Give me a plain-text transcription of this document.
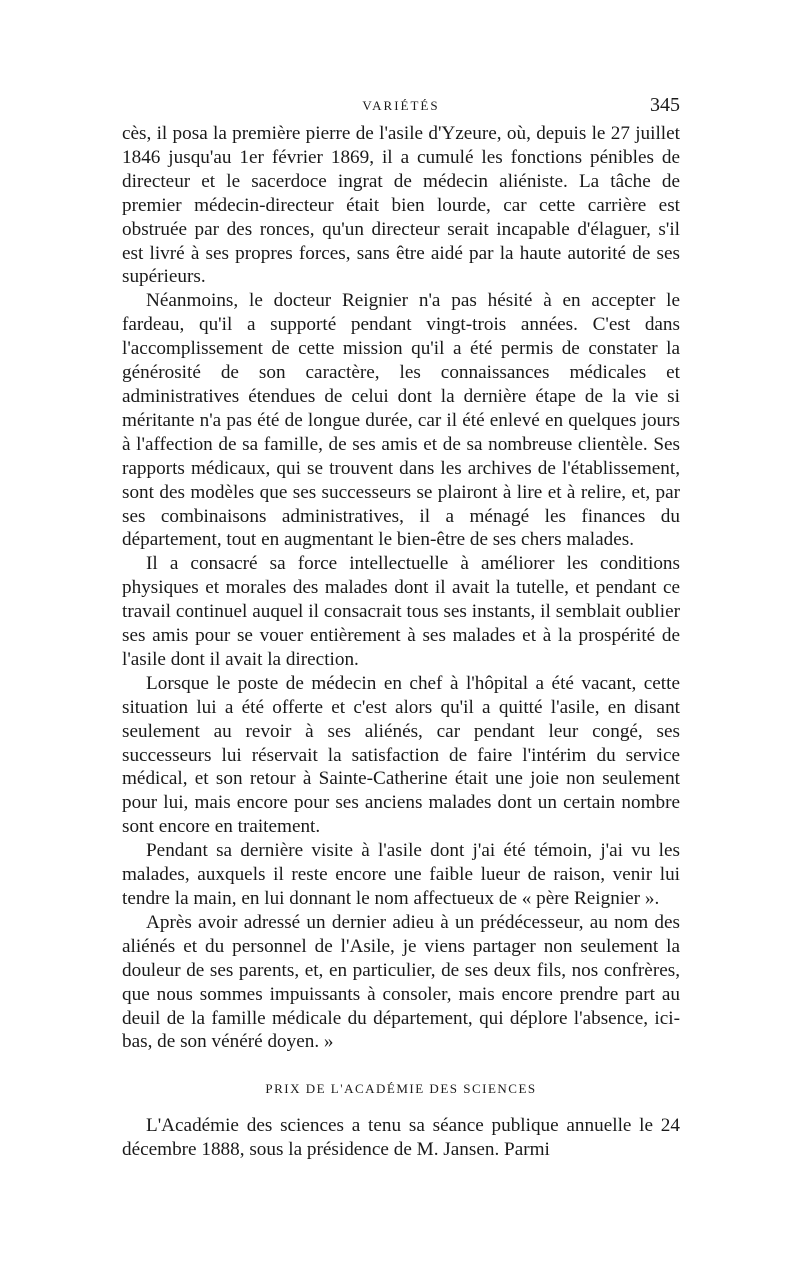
VARIÉTÉS	345

cès, il posa la première pierre de l'asile d'Yzeure, où, depuis le 27 juillet 1846 jusqu'au 1er février 1869, il a cumulé les fonctions pénibles de directeur et le sacerdoce ingrat de médecin aliéniste. La tâche de premier médecin-directeur était bien lourde, car cette carrière est obstruée par des ronces, qu'un directeur serait incapable d'élaguer, s'il est livré à ses propres forces, sans être aidé par la haute autorité de ses supérieurs.

Néanmoins, le docteur Reignier n'a pas hésité à en accepter le fardeau, qu'il a supporté pendant vingt-trois années. C'est dans l'accomplissement de cette mission qu'il a été permis de constater la générosité de son caractère, les connaissances médicales et administratives étendues de celui dont la dernière étape de la vie si méritante n'a pas été de longue durée, car il été enlevé en quelques jours à l'affection de sa famille, de ses amis et de sa nombreuse clientèle. Ses rapports médicaux, qui se trouvent dans les archives de l'établissement, sont des modèles que ses successeurs se plairont à lire et à relire, et, par ses combinaisons administratives, il a ménagé les finances du département, tout en augmentant le bien-être de ses chers malades.

Il a consacré sa force intellectuelle à améliorer les conditions physiques et morales des malades dont il avait la tutelle, et pendant ce travail continuel auquel il consacrait tous ses instants, il semblait oublier ses amis pour se vouer entièrement à ses malades et à la prospérité de l'asile dont il avait la direction.

Lorsque le poste de médecin en chef à l'hôpital a été vacant, cette situation lui a été offerte et c'est alors qu'il a quitté l'asile, en disant seulement au revoir à ses aliénés, car pendant leur congé, ses successeurs lui réservait la satisfaction de faire l'intérim du service médical, et son retour à Sainte-Catherine était une joie non seulement pour lui, mais encore pour ses anciens malades dont un certain nombre sont encore en traitement.

Pendant sa dernière visite à l'asile dont j'ai été témoin, j'ai vu les malades, auxquels il reste encore une faible lueur de raison, venir lui tendre la main, en lui donnant le nom affectueux de « père Reignier ».

Après avoir adressé un dernier adieu à un prédécesseur, au nom des aliénés et du personnel de l'Asile, je viens partager non seulement la douleur de ses parents, et, en particulier, de ses deux fils, nos confrères, que nous sommes impuissants à consoler, mais encore prendre part au deuil de la famille médicale du département, qui déplore l'absence, ici-bas, de son vénéré doyen. »

PRIX DE L'ACADÉMIE DES SCIENCES

L'Académie des sciences a tenu sa séance publique annuelle le 24 décembre 1888, sous la présidence de M. Jansen. Parmi
